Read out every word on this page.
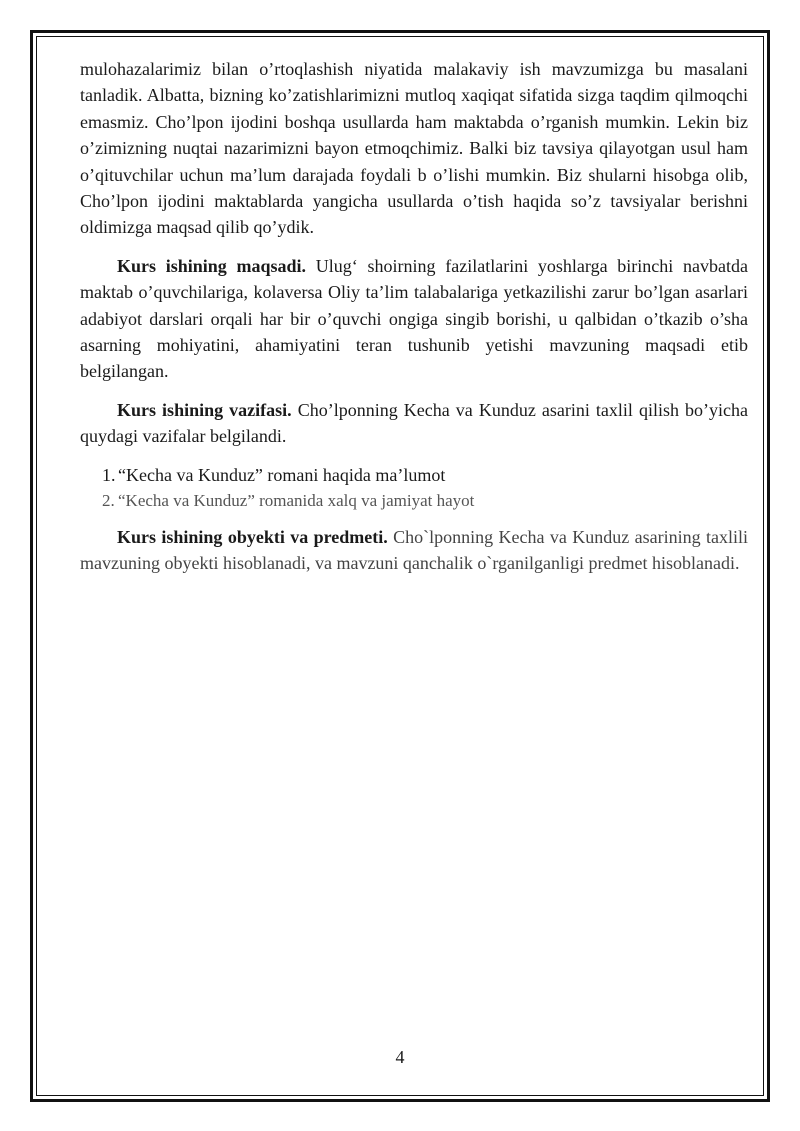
mulohazalarimiz bilan o’rtoqlashish niyatida malakaviy ish mavzumizga bu masalani tanladik. Albatta, bizning ko’zatishlarimizni mutloq xaqiqat sifatida sizga taqdim qilmoqchi emasmiz. Cho’lpon ijodini boshqa usullarda ham maktabda o’rganish mumkin. Lekin biz o’zimizning nuqtai nazarimizni bayon etmoqchimiz. Balki biz tavsiya qilayotgan usul ham o’qituvchilar uchun ma’lum darajada foydali b o’lishi mumkin. Biz shularni hisobga olib, Cho’lpon ijodini maktablarda yangicha usullarda o’tish haqida so’z tavsiyalar berishni oldimizga maqsad qilib qo’ydik.

Kurs ishining maqsadi. Ulug‘ shoirning fazilatlarini yoshlarga birinchi navbatda maktab o’quvchilariga, kolaversa Oliy ta’lim talabalariga yetkazilishi zarur bo’lgan asarlari adabiyot darslari orqali har bir o’quvchi ongiga singib borishi, u qalbidan o’tkazib o’sha asarning mohiyatini, ahamiyatini teran tushunib yetishi mavzuning maqsadi etib belgilangan.

Kurs ishining vazifasi. Cho’lponning Kecha va Kunduz asarini taxlil qilish bo’yicha quydagi vazifalar belgilandi.

1. “Kecha va Kunduz” romani haqida ma’lumot
2. “Kecha va Kunduz” romanida xalq va jamiyat hayot

Kurs ishining obyekti va predmeti. Cho`lponning Kecha va Kunduz asarining taxlili mavzuning obyekti hisoblanadi, va mavzuni qanchalik o`rganilganligi predmet hisoblanadi.

4
